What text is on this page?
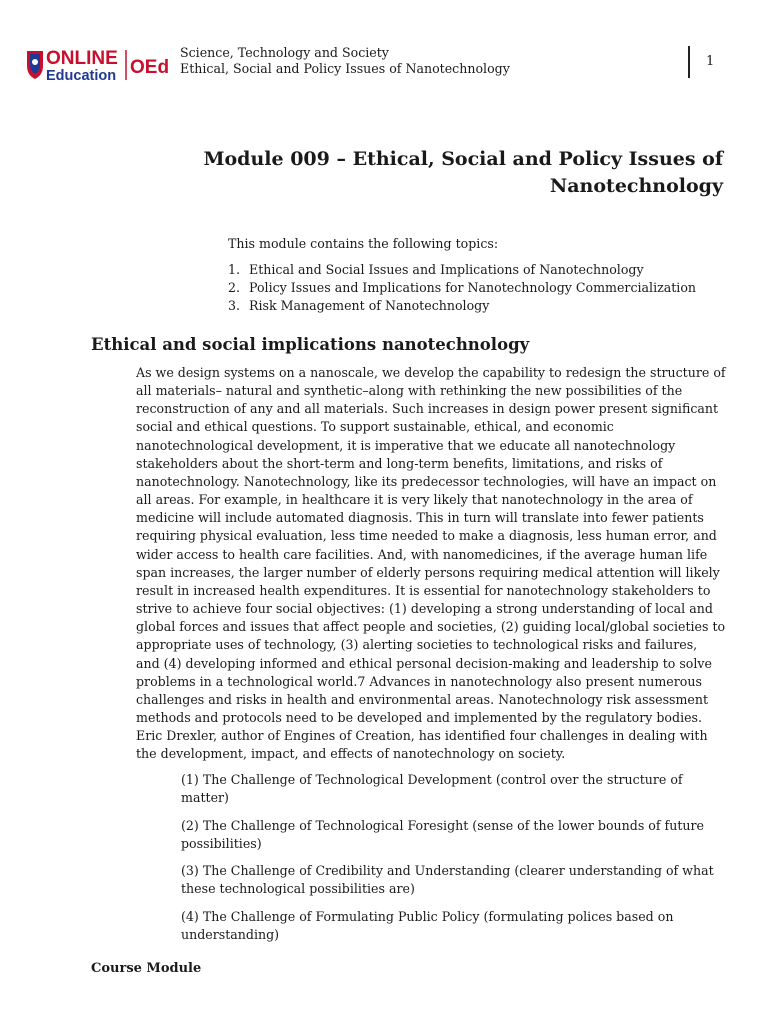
ONLINE
Education OEd
Science, Technology and Society
Ethical, Social and Policy Issues of Nanotechnology	1
Module 009 – Ethical, Social and Policy Issues of
Nanotechnology
This module contains the following topics:
1. Ethical and Social Issues and Implications of Nanotechnology
2. Policy Issues and Implications for Nanotechnology Commercialization
3. Risk Management of Nanotechnology
Ethical and social implications nanotechnology

As we design systems on a nanoscale, we develop the capability to redesign the structure of
all materials– natural and synthetic–along with rethinking the new possibilities of the
reconstruction of any and all materials. Such increases in design power present significant
social and ethical questions. To support sustainable, ethical, and economic
nanotechnological development, it is imperative that we educate all nanotechnology
stakeholders about the short-term and long-term benefits, limitations, and risks of
nanotechnology. Nanotechnology, like its predecessor technologies, will have an impact on
all areas. For example, in healthcare it is very likely that nanotechnology in the area of
medicine will include automated diagnosis. This in turn will translate into fewer patients
requiring physical evaluation, less time needed to make a diagnosis, less human error, and
wider access to health care facilities. And, with nanomedicines, if the average human life
span increases, the larger number of elderly persons requiring medical attention will likely
result in increased health expenditures. It is essential for nanotechnology stakeholders to
strive to achieve four social objectives: (1) developing a strong understanding of local and
global forces and issues that affect people and societies, (2) guiding local/global societies to
appropriate uses of technology, (3) alerting societies to technological risks and failures,
and (4) developing informed and ethical personal decision-making and leadership to solve
problems in a technological world.7 Advances in nanotechnology also present numerous
challenges and risks in health and environmental areas. Nanotechnology risk assessment
methods and protocols need to be developed and implemented by the regulatory bodies.
Eric Drexler, author of Engines of Creation, has identified four challenges in dealing with
the development, impact, and effects of nanotechnology on society.

(1) The Challenge of Technological Development (control over the structure of
matter)
(2) The Challenge of Technological Foresight (sense of the lower bounds of future
possibilities)
(3) The Challenge of Credibility and Understanding (clearer understanding of what
these technological possibilities are)
(4) The Challenge of Formulating Public Policy (formulating polices based on
understanding)
Course Module
